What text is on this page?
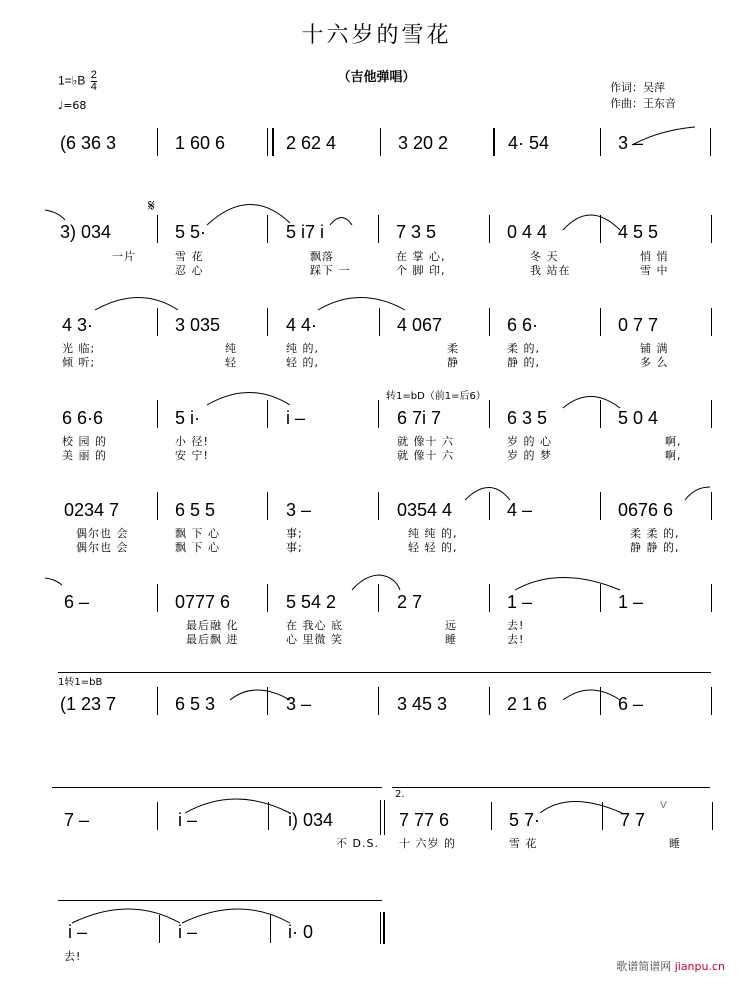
十六岁的雪花
（吉他弹唱）
1=♭B $\frac{2}{4}$
♩=68
作词：吴萍
作曲：王东音
(6 36 3	1 60 6	2 62 4	3 20 2	4· 54	3 –
𝄋
3) 034	5 5·	5 i7 i	7 3 5	0 4 4	4 5 5
一片	雪 花
忍 心
飘落
踩下 一
在 掌 心,
个 脚 印,
冬 天
我 站在
悄 悄
雪 中
4 3·	3 035	4 4·	4 067	6 6·	0 7 7
光 临;
倾 听;
纯
轻
纯 的,
轻 的,
柔
静
柔 的,
静 的,
铺 满
多 么
转1=bD（前1=后6）
6 6·6	5 i·	i –	6 7i 7	6 3 5	5 0 4
校 园 的
美 丽 的
小 径!
安 宁!
就 像十 六
就 像十 六
岁 的 心
岁 的 梦
啊,
啊,
0234 7	6 5 5	3 –	0354 4	4 –	0676 6
偶尔也 会
偶尔也 会
飘 下 心
飘 下 心
事;
事;
纯 纯 的,
轻 轻 的,
柔 柔 的,
静 静 的,
6 –	0777 6	5 54 2	2 7	1 –	1 –
最后融 化
最后飘 进
在 我心 底
心 里微 笑
远
睡
去!
去!
1转1=bB
(1 23 7	6 5 3	3 –	3 45 3	2 1 6	6 –
2.
7 –	i –	i) 034	7 77 6	5 7·	7 7
V
不 D.S. 十 六岁 的	雪 花	睡
i –	i –	i· 0
去!
歌谱简谱网 jianpu.cn
